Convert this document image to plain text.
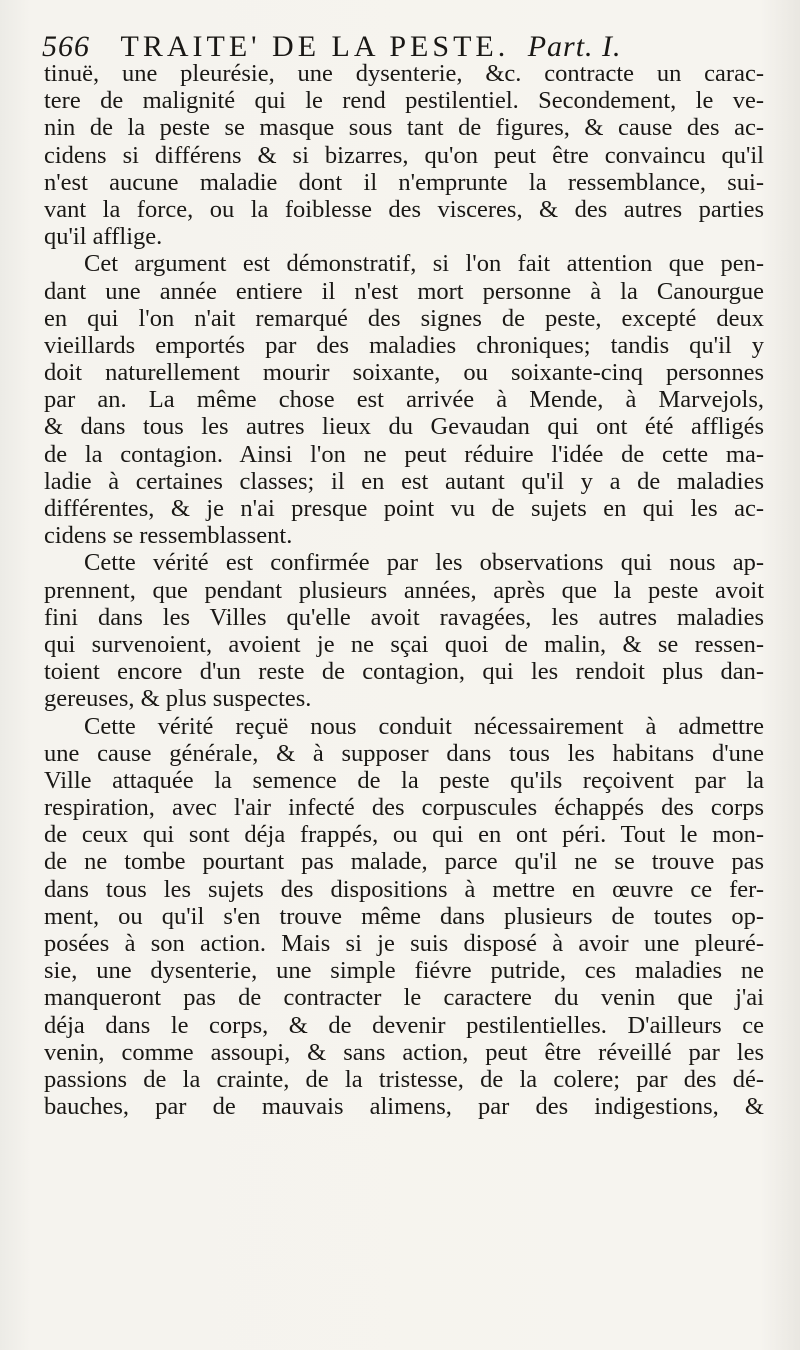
566 TRAITE' DE LA PESTE. Part. I.
tinuë, une pleurésie, une dysenterie, &c. contracte un carac-
tere de malignité qui le rend pestilentiel. Secondement, le ve-
nin de la peste se masque sous tant de figures, & cause des ac-
cidens si différens & si bizarres, qu'on peut être convaincu qu'il
n'est aucune maladie dont il n'emprunte la ressemblance, sui-
vant la force, ou la foiblesse des visceres, & des autres parties
qu'il afflige.
Cet argument est démonstratif, si l'on fait attention que pen-
dant une année entiere il n'est mort personne à la Canourgue
en qui l'on n'ait remarqué des signes de peste, excepté deux
vieillards emportés par des maladies chroniques; tandis qu'il y
doit naturellement mourir soixante, ou soixante-cinq personnes
par an. La même chose est arrivée à Mende, à Marvejols,
& dans tous les autres lieux du Gevaudan qui ont été affligés
de la contagion. Ainsi l'on ne peut réduire l'idée de cette ma-
ladie à certaines classes; il en est autant qu'il y a de maladies
différentes, & je n'ai presque point vu de sujets en qui les ac-
cidens se ressemblassent.
Cette vérité est confirmée par les observations qui nous ap-
prennent, que pendant plusieurs années, après que la peste avoit
fini dans les Villes qu'elle avoit ravagées, les autres maladies
qui survenoient, avoient je ne sçai quoi de malin, & se ressen-
toient encore d'un reste de contagion, qui les rendoit plus dan-
gereuses, & plus suspectes.
Cette vérité reçuë nous conduit nécessairement à admettre
une cause générale, & à supposer dans tous les habitans d'une
Ville attaquée la semence de la peste qu'ils reçoivent par la
respiration, avec l'air infecté des corpuscules échappés des corps
de ceux qui sont déja frappés, ou qui en ont péri. Tout le mon-
de ne tombe pourtant pas malade, parce qu'il ne se trouve pas
dans tous les sujets des dispositions à mettre en œuvre ce fer-
ment, ou qu'il s'en trouve même dans plusieurs de toutes op-
posées à son action. Mais si je suis disposé à avoir une pleuré-
sie, une dysenterie, une simple fiévre putride, ces maladies ne
manqueront pas de contracter le caractere du venin que j'ai
déja dans le corps, & de devenir pestilentielles. D'ailleurs ce
venin, comme assoupi, & sans action, peut être réveillé par les
passions de la crainte, de la tristesse, de la colere; par des dé-
bauches, par de mauvais alimens, par des indigestions, &
